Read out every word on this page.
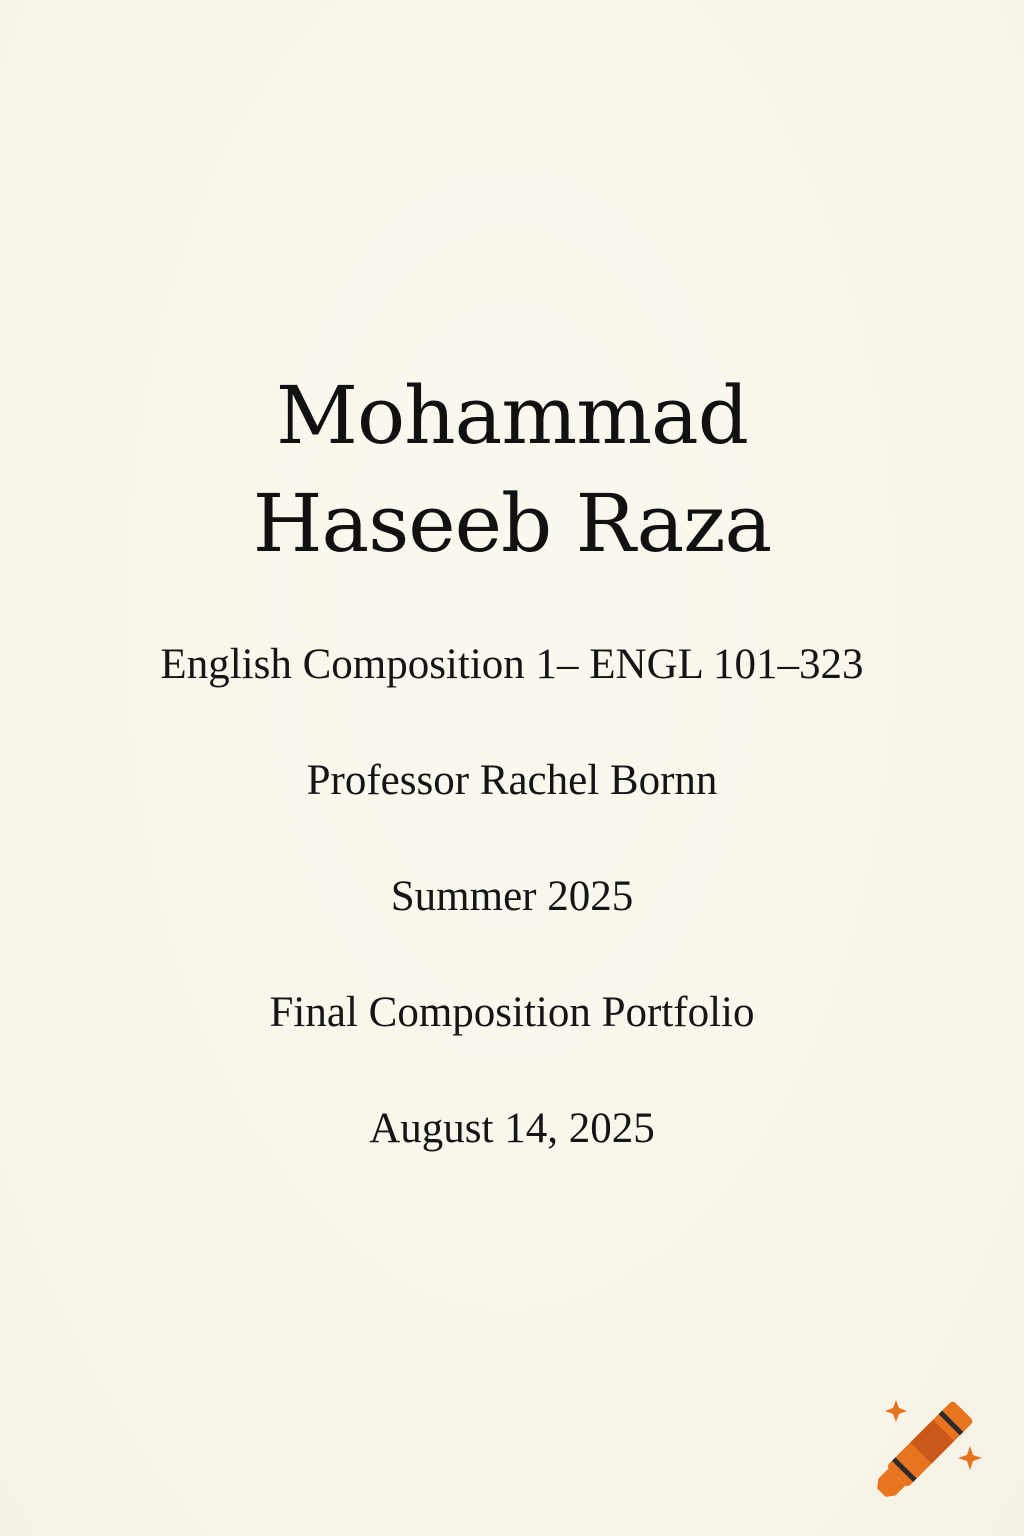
Mohammad
Haseeb Raza
English Composition 1– ENGL 101–323
Professor Rachel Bornn
Summer 2025
Final Composition Portfolio
August 14, 2025
